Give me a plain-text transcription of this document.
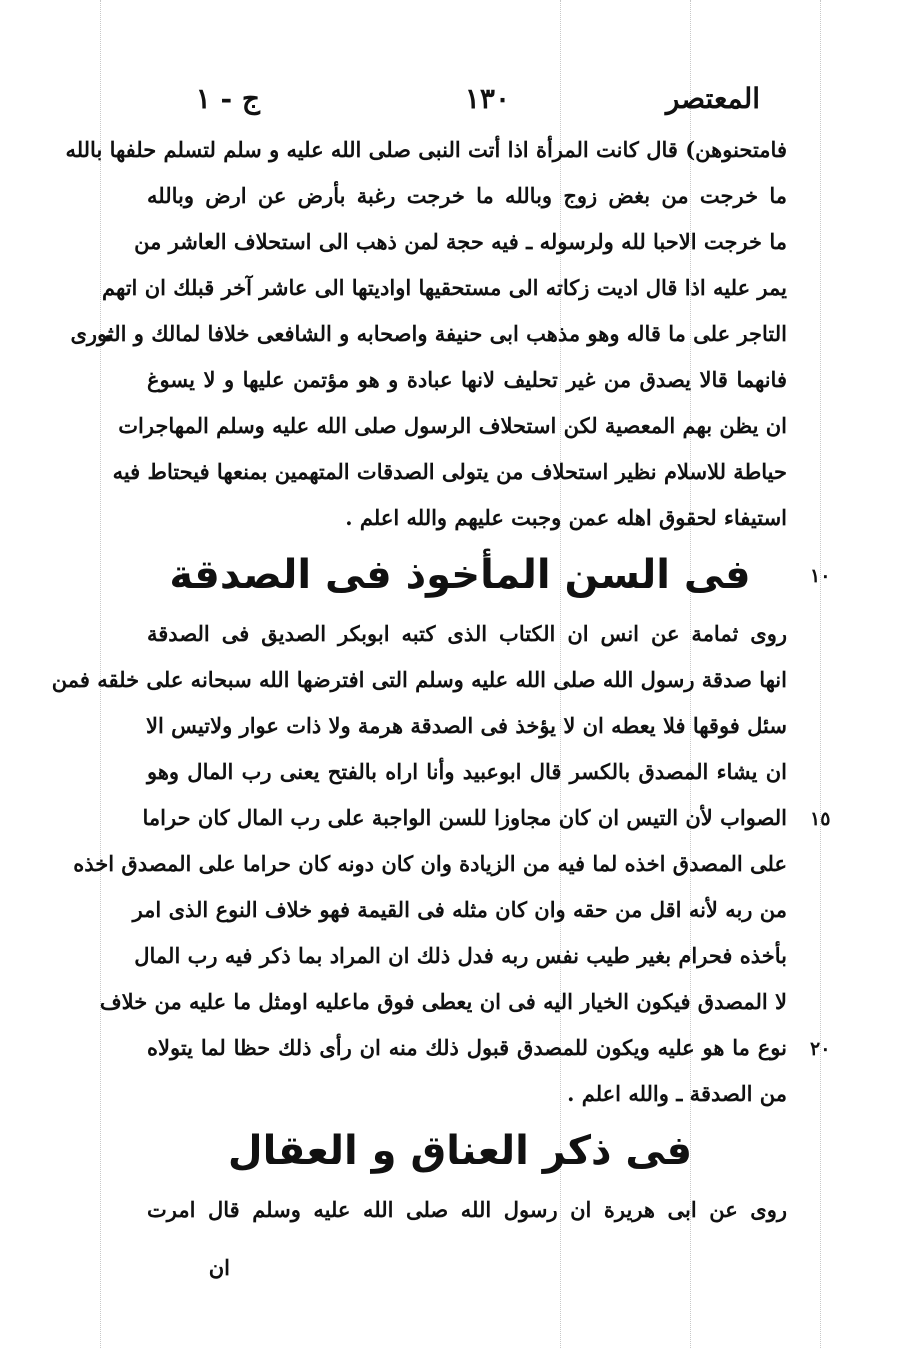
المعتصر
١٣٠
ج - ١
فامتحنوهن) قال كانت المرأة اذا أتت النبى صلى الله عليه و سلم لتسلم حلفها بالله
ما خرجت من بغض زوج وبالله ما خرجت رغبة بأرض عن ارض وبالله
ما خرجت الاحبا لله ولرسوله ـ فيه حجة لمن ذهب الى استحلاف العاشر من
يمر عليه اذا قال اديت زكاته الى مستحقيها اواديتها الى عاشر آخر قبلك ان اتهم
التاجر على ما قاله وهو مذهب ابى حنيفة واصحابه و الشافعى خلافا لمالك و الثورى
فانهما قالا يصدق من غير تحليف لانها عبادة و هو مؤتمن عليها و لا يسوغ
ان يظن بهم المعصية لكن استحلاف الرسول صلى الله عليه وسلم المهاجرات
حياطة للاسلام نظير استحلاف من يتولى الصدقات المتهمين بمنعها فيحتاط فيه
استيفاء لحقوق اهله عمن وجبت عليهم والله اعلم .
فى السن المأخوذ فى الصدقة	١٠
روى ثمامة عن انس ان الكتاب الذى كتبه ابوبكر الصديق فى الصدقة
انها صدقة رسول الله صلى الله عليه وسلم التى افترضها الله سبحانه على خلقه فمن
سئل فوقها فلا يعطه ان لا يؤخذ فى الصدقة هرمة ولا ذات عوار ولاتيس الا
ان يشاء المصدق بالكسر قال ابوعبيد وأنا اراه بالفتح يعنى رب المال وهو
الصواب لأن التيس ان كان مجاوزا للسن الواجبة على رب المال كان حراما ١٥
على المصدق اخذه لما فيه من الزيادة وان كان دونه كان حراما على المصدق اخذه
من ربه لأنه اقل من حقه وان كان مثله فى القيمة فهو خلاف النوع الذى امر
بأخذه فحرام بغير طيب نفس ربه فدل ذلك ان المراد بما ذكر فيه رب المال
لا المصدق فيكون الخيار اليه فى ان يعطى فوق ماعليه اومثل ما عليه من خلاف
نوع ما هو عليه ويكون للمصدق قبول ذلك منه ان رأى ذلك حظا لما يتولاه ٢٠
من الصدقة ـ والله اعلم .
فى ذكر العناق و العقال
روى عن ابى هريرة ان رسول الله صلى الله عليه وسلم قال امرت
ان
